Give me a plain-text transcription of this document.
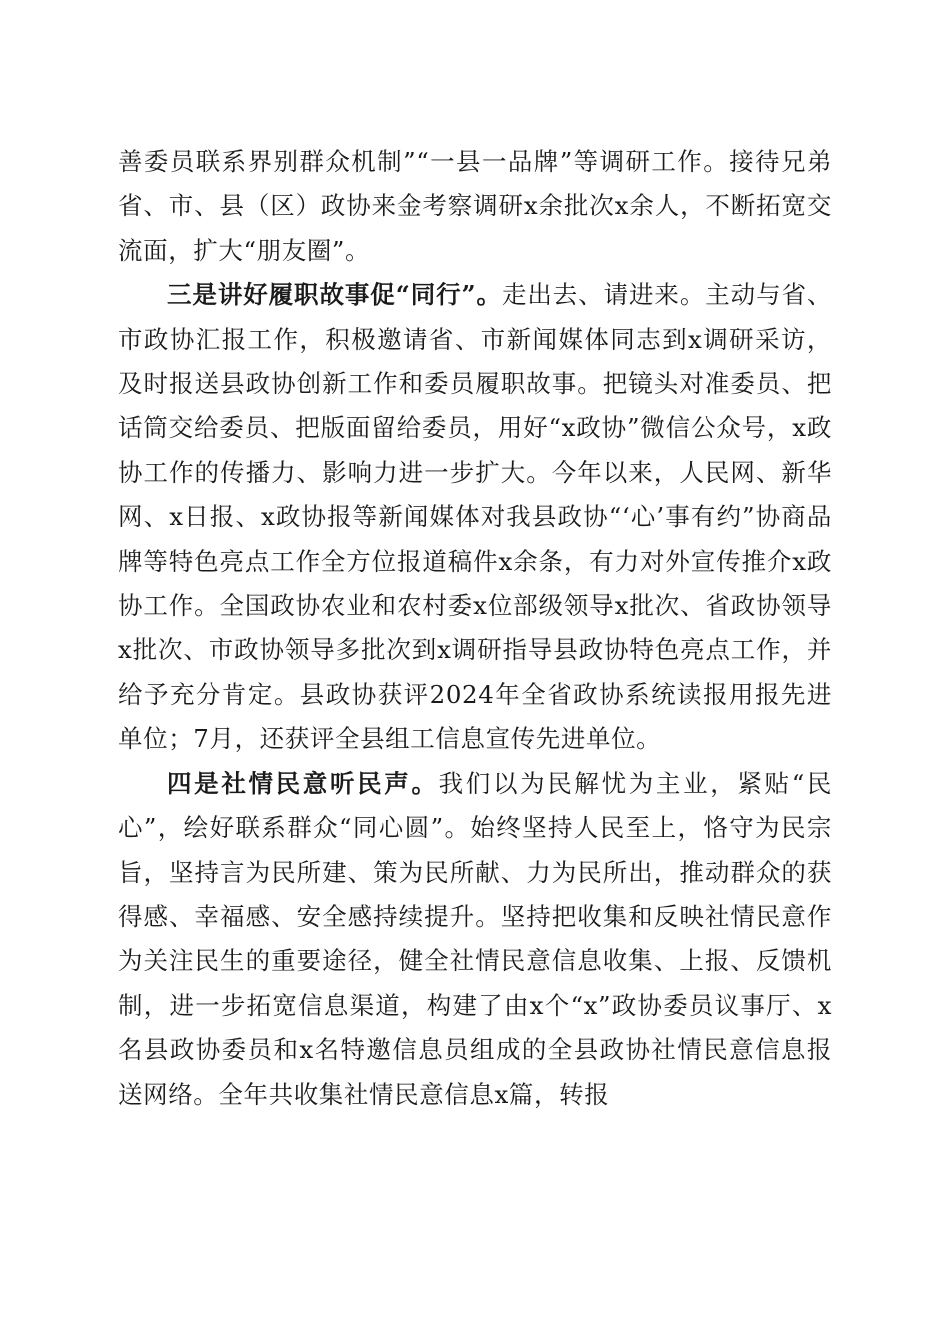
善委员联系界别群众机制”“一县一品牌”等调研工作。接待兄弟省、市、县（区）政协来金考察调研x余批次x余人，不断拓宽交流面，扩大“朋友圈”。

三是讲好履职故事促“同行”。走出去、请进来。主动与省、市政协汇报工作，积极邀请省、市新闻媒体同志到x调研采访，及时报送县政协创新工作和委员履职故事。把镜头对准委员、把话筒交给委员、把版面留给委员，用好“x政协”微信公众号，x政协工作的传播力、影响力进一步扩大。今年以来，人民网、新华网、x日报、x政协报等新闻媒体对我县政协“‘心’事有约”协商品牌等特色亮点工作全方位报道稿件x余条，有力对外宣传推介x政协工作。全国政协农业和农村委x位部级领导x批次、省政协领导x批次、市政协领导多批次到x调研指导县政协特色亮点工作，并给予充分肯定。县政协获评2024年全省政协系统读报用报先进单位；7月，还获评全县组工信息宣传先进单位。

四是社情民意听民声。我们以为民解忧为主业，紧贴“民心”，绘好联系群众“同心圆”。始终坚持人民至上，恪守为民宗旨，坚持言为民所建、策为民所献、力为民所出，推动群众的获得感、幸福感、安全感持续提升。坚持把收集和反映社情民意作为关注民生的重要途径，健全社情民意信息收集、上报、反馈机制，进一步拓宽信息渠道，构建了由x个“x”政协委员议事厅、x名县政协委员和x名特邀信息员组成的全县政协社情民意信息报送网络。全年共收集社情民意信息x篇，转报
